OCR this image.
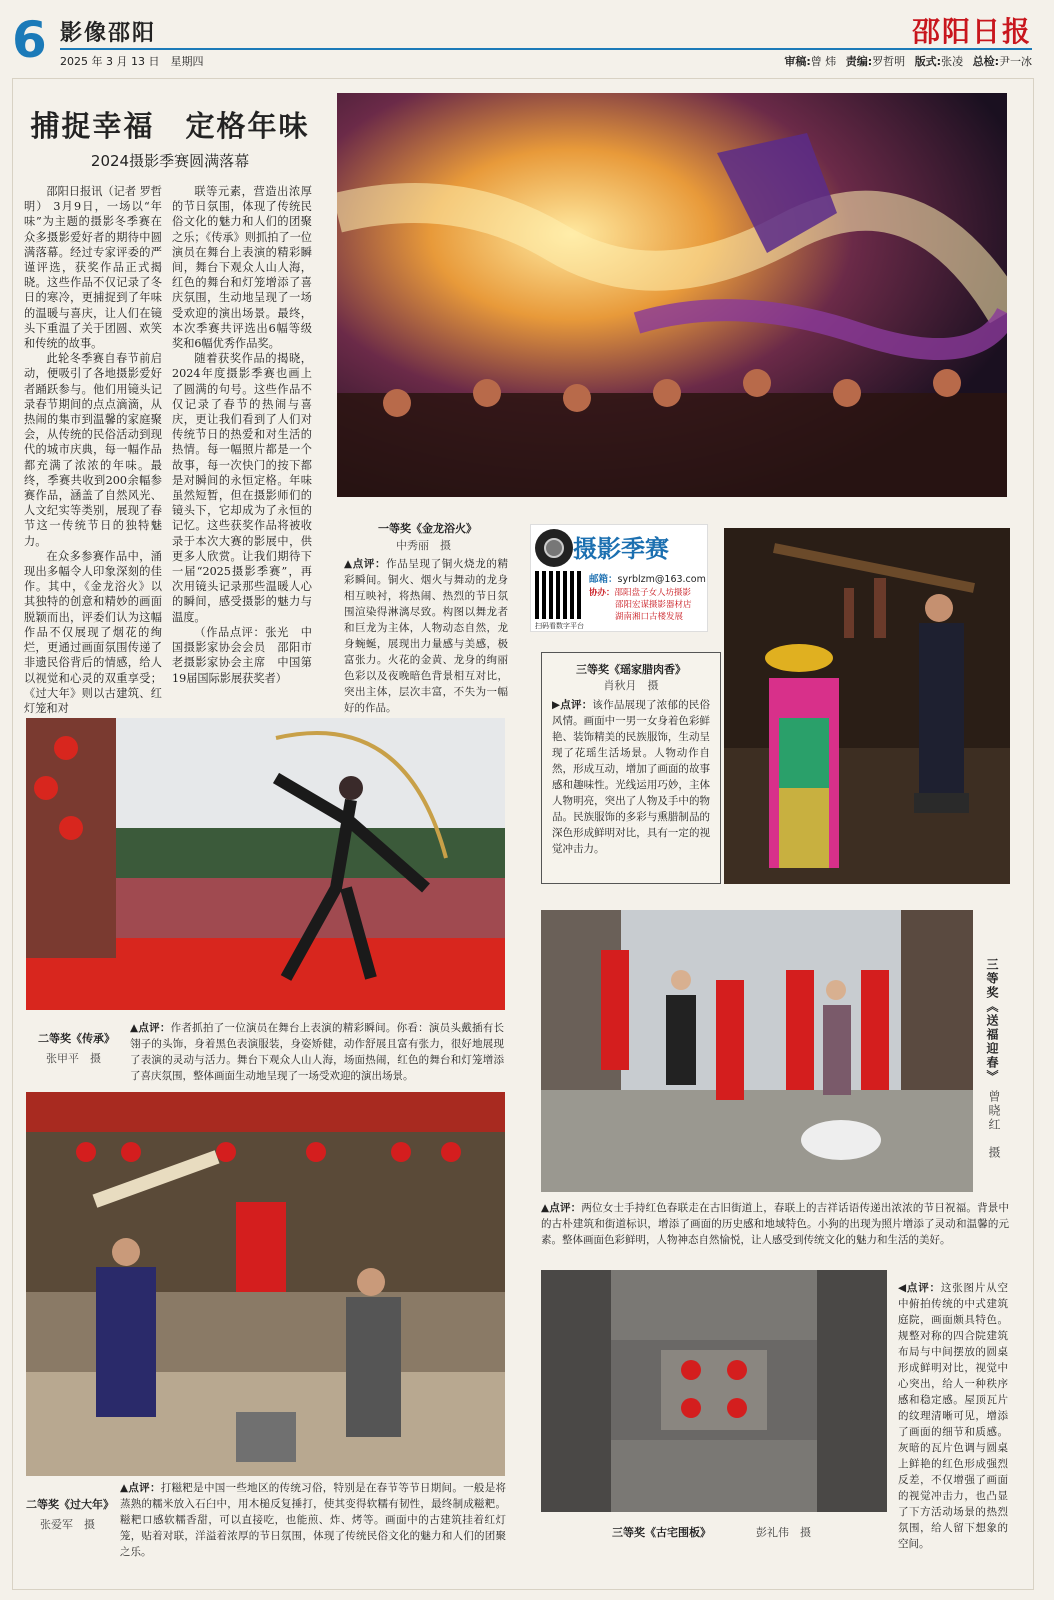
6 影像邵阳	邵阳日报
2025 年 3 月 13 日　星期四	审稿:曾 炜 责编:罗哲明 版式:张凌 总检:尹一冰
捕捉幸福　定格年味
2024摄影季赛圆满落幕

邵阳日报讯（记者 罗哲明） 3月9日，一场以“年味”为主题的摄影冬季赛在众多摄影爱好者的期待中圆满落幕。经过专家评委的严谨评选，获奖作品正式揭晓。这些作品不仅记录了冬日的寒冷，更捕捉到了年味的温暖与喜庆，让人们在镜头下重温了关于团圆、欢笑和传统的故事。

此轮冬季赛自春节前启动，便吸引了各地摄影爱好者踊跃参与。他们用镜头记录春节期间的点点滴滴，从热闹的集市到温馨的家庭聚会，从传统的民俗活动到现代的城市庆典，每一幅作品都充满了浓浓的年味。最终，季赛共收到200余幅参赛作品，涵盖了自然风光、人文纪实等类别，展现了春节这一传统节日的独特魅力。

在众多参赛作品中，涌现出多幅令人印象深刻的佳作。其中，《金龙浴火》以其独特的创意和精妙的画面脱颖而出，评委们认为这幅作品不仅展现了烟花的绚烂，更通过画面氛围传递了非遗民俗背后的情感，给人以视觉和心灵的双重享受；《过大年》则以古建筑、红灯笼和对

联等元素，营造出浓厚的节日氛围，体现了传统民俗文化的魅力和人们的团聚之乐；《传承》则抓拍了一位演员在舞台上表演的精彩瞬间，舞台下观众人山人海，红色的舞台和灯笼增添了喜庆氛围，生动地呈现了一场受欢迎的演出场景。最终，本次季赛共评选出6幅等级奖和6幅优秀作品奖。

随着获奖作品的揭晓，2024年度摄影季赛也画上了圆满的句号。这些作品不仅记录了春节的热闹与喜庆，更让我们看到了人们对传统节日的热爱和对生活的热情。每一幅照片都是一个故事，每一次快门的按下都是对瞬间的永恒定格。年味虽然短暂，但在摄影师们的镜头下，它却成为了永恒的记忆。这些获奖作品将被收录于本次大赛的影展中，供更多人欣赏。让我们期待下一届“2025摄影季赛”，再次用镜头记录那些温暖人心的瞬间，感受摄影的魅力与温度。

（作品点评：张光　中国摄影家协会会员　邵阳市老摄影家协会主席　中国第19届国际影展获奖者）

一等奖《金龙浴火》
中秀丽　摄
▲点评：作品呈现了铜火烧龙的精彩瞬间。铜火、烟火与舞动的龙身相互映衬，将热闹、热烈的节日氛围渲染得淋漓尽致。构图以舞龙者和巨龙为主体，人物动态自然，龙身蜿蜒，展现出力量感与美感，极富张力。火花的金黄、龙身的绚丽色彩以及夜晚暗色背景相互对比，突出主体，层次丰富，不失为一幅好的作品。
摄影季赛
扫码看数字平台
邮箱：syrblzm@163.com
协办：邵阳盘子女人坊摄影
邵阳宏谋摄影器材店
湖南湘口古楼发展
三等奖《瑶家腊肉香》
肖秋月　摄
▶点评：该作品展现了浓郁的民俗风情。画面中一男一女身着色彩鲜艳、装饰精美的民族服饰，生动呈现了花瑶生活场景。人物动作自然，形成互动，增加了画面的故事感和趣味性。光线运用巧妙，主体人物明亮，突出了人物及手中的物品。民族服饰的多彩与熏腊制品的深色形成鲜明对比，具有一定的视觉冲击力。
二等奖《传承》
张甲平　摄
▲点评：作者抓拍了一位演员在舞台上表演的精彩瞬间。你看：演员头戴插有长翎子的头饰，身着黑色表演服装，身姿矫健，动作舒展且富有张力，很好地展现了表演的灵动与活力。舞台下观众人山人海，场面热闹，红色的舞台和灯笼增添了喜庆氛围，整体画面生动地呈现了一场受欢迎的演出场景。	三等奖《送福迎春》
曾晓红　摄
▲点评：两位女士手持红色春联走在古旧街道上，春联上的吉祥话语传递出浓浓的节日祝福。背景中的古朴建筑和街道标识，增添了画面的历史感和地域特色。小狗的出现为照片增添了灵动和温馨的元素。整体画面色彩鲜明，人物神态自然愉悦，让人感受到传统文化的魅力和生活的美好。
二等奖《过大年》
张爱军　摄
▲点评：打糍粑是中国一些地区的传统习俗，特别是在春节等节日期间。一般是将蒸熟的糯米放入石臼中，用木槌反复捶打，使其变得软糯有韧性，最终制成糍粑。糍粑口感软糯香甜，可以直接吃，也能煎、炸、烤等。画面中的古建筑挂着红灯笼，贴着对联，洋溢着浓厚的节日氛围，体现了传统民俗文化的魅力和人们的团聚之乐。
◀点评：这张图片从空中俯拍传统的中式建筑庭院，画面颇具特色。规整对称的四合院建筑布局与中间摆放的圆桌形成鲜明对比，视觉中心突出，给人一种秩序感和稳定感。屋顶瓦片的纹理清晰可见，增添了画面的细节和质感。灰暗的瓦片色调与圆桌上鲜艳的红色形成强烈反差，不仅增强了画面的视觉冲击力，也凸显了下方活动场景的热烈氛围，给人留下想象的空间。
三等奖《古宅围板》	彭礼伟　摄
